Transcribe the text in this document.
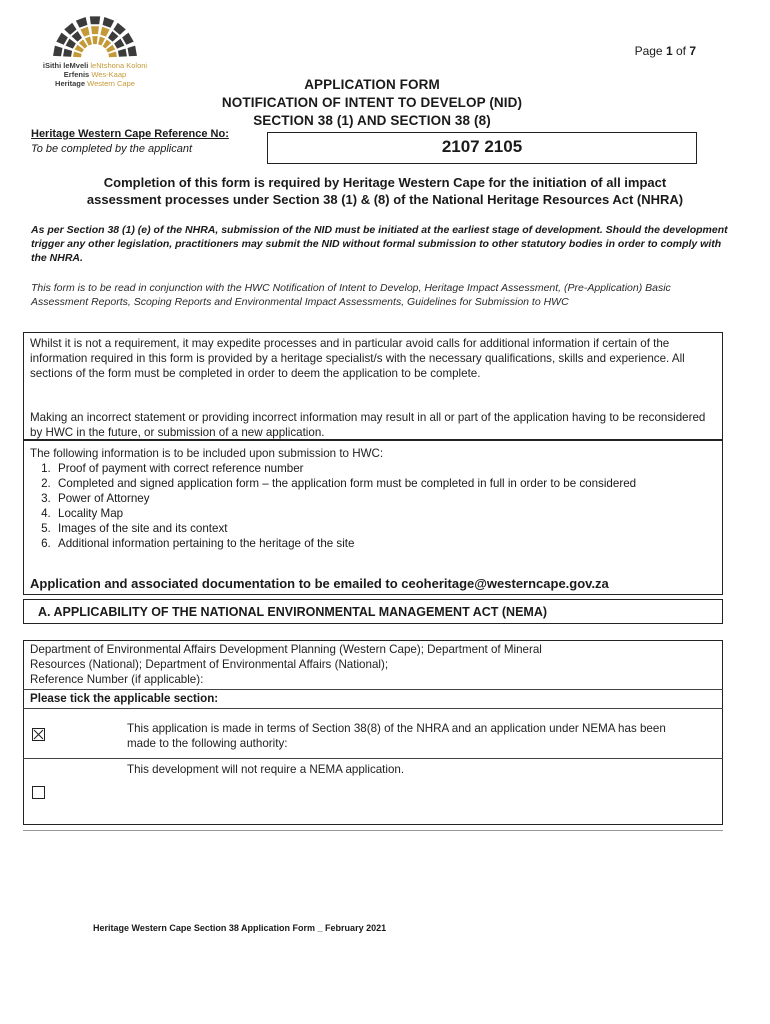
iSithi leMveli leNtshona Koloni
Erfenis Wes-Kaap
Heritage Western Cape
Page 1 of 7
APPLICATION FORM
NOTIFICATION OF INTENT TO DEVELOP (NID)
SECTION 38 (1) AND SECTION 38 (8)
Heritage Western Cape Reference No:
To be completed by the applicant	2107 2105
Completion of this form is required by Heritage Western Cape for the initiation of all impact
assessment processes under Section 38 (1) & (8) of the National Heritage Resources Act (NHRA)
As per Section 38 (1) (e) of the NHRA, submission of the NID must be initiated at the earliest stage of development. Should the development trigger any other legislation, practitioners may submit the NID without formal submission to other statutory bodies in order to comply with the NHRA.
This form is to be read in conjunction with the HWC Notification of Intent to Develop, Heritage Impact Assessment, (Pre-Application) Basic Assessment Reports, Scoping Reports and Environmental Impact Assessments, Guidelines for Submission to HWC
Whilst it is not a requirement, it may expedite processes and in particular avoid calls for additional information if certain of the information required in this form is provided by a heritage specialist/s with the necessary qualifications, skills and experience. All sections of the form must be completed in order to deem the application to be complete.
Making an incorrect statement or providing incorrect information may result in all or part of the application having to be reconsidered by HWC in the future, or submission of a new application.
The following information is to be included upon submission to HWC:
1. Proof of payment with correct reference number
2. Completed and signed application form – the application form must be completed in full in order to be considered
3. Power of Attorney
4. Locality Map
5. Images of the site and its context
6. Additional information pertaining to the heritage of the site
Application and associated documentation to be emailed to ceoheritage@westerncape.gov.za
A. APPLICABILITY OF THE NATIONAL ENVIRONMENTAL MANAGEMENT ACT (NEMA)
Department of Environmental Affairs Development Planning (Western Cape); Department of Mineral
Resources (National); Department of Environmental Affairs (National);
Reference Number (if applicable):
Please tick the applicable section:
This application is made in terms of Section 38(8) of the NHRA and an application under NEMA has been made to the following authority:
This development will not require a NEMA application.
Heritage Western Cape Section 38 Application Form _ February 2021
